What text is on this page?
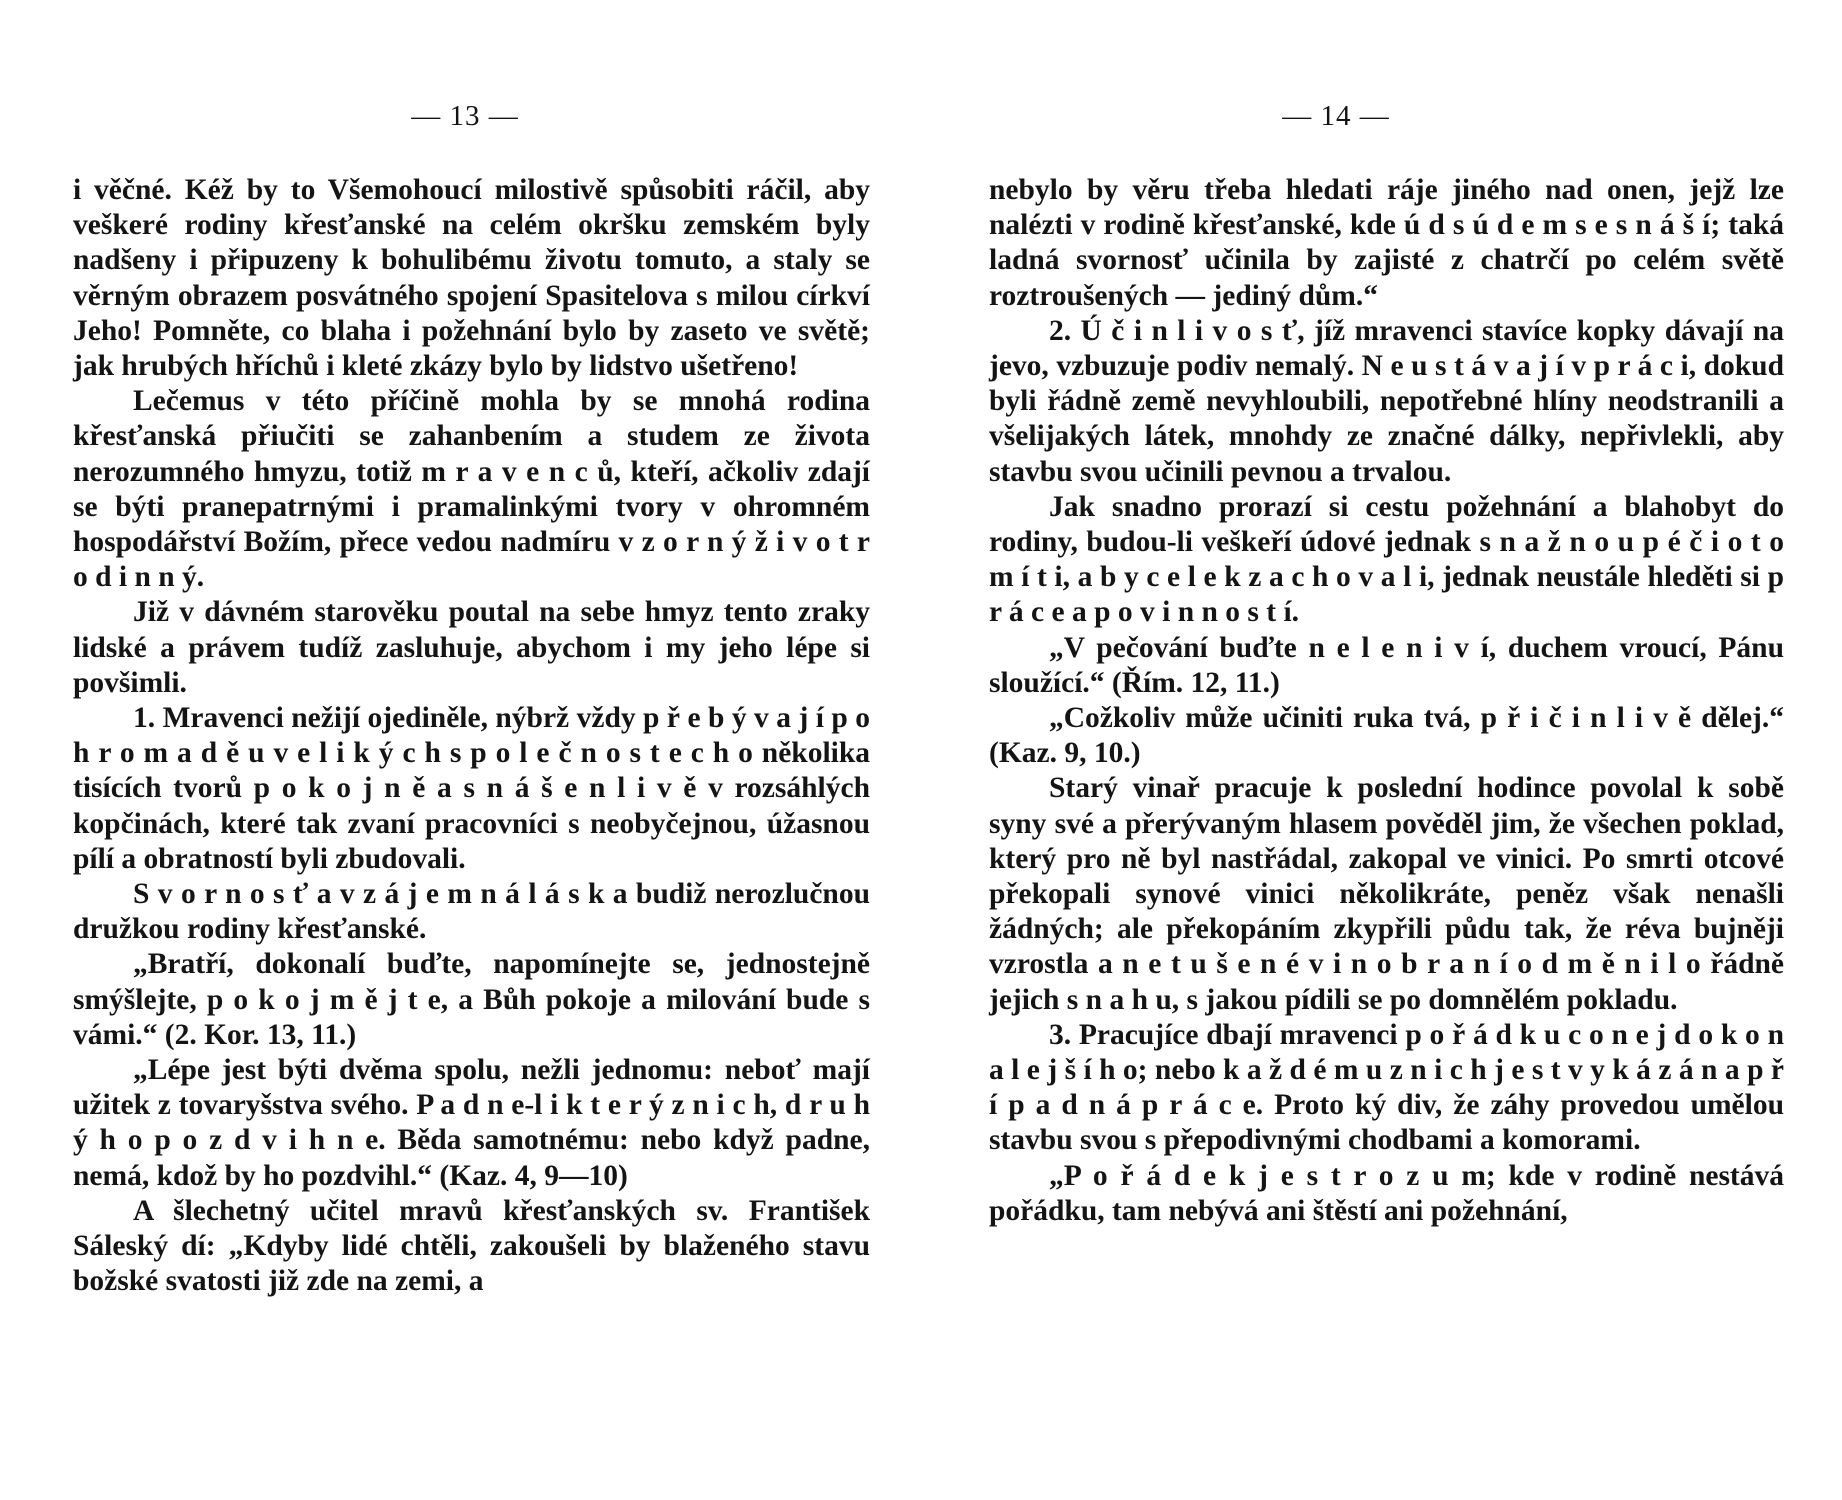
— 13 —

i věčné. Kéž by to Všemohoucí milostivě spůsobiti ráčil, aby veškeré rodiny křesťanské na celém okršku zemském byly nadšeny i připuzeny k bohulibému životu tomuto, a staly se věrným obrazem posvátného spojení Spasitelova s milou církví Jeho! Pomněte, co blaha i požehnání bylo by zaseto ve světě; jak hrubých hříchů i kleté zkázy bylo by lidstvo ušetřeno!

Lečemus v této příčině mohla by se mnohá rodina křesťanská přiučiti se zahanbením a studem ze života nerozumného hmyzu, totiž m r a v e n c ů, kteří, ačkoliv zdají se býti pranepatrnými i pramalinkými tvory v ohromném hospodářství Božím, přece vedou nadmíru v z o r n ý ž i v o t r o d i n n ý.

Již v dávném starověku poutal na sebe hmyz tento zraky lidské a právem tudíž zasluhuje, abychom i my jeho lépe si povšimli.

1. Mravenci nežijí ojediněle, nýbrž vždy p ř e b ý v a j í p o h r o m a d ě u v e l i k ý c h s p o l e č n o s t e c h o několika tisících tvorů p o k o j n ě a s n á š e n l i v ě v rozsáhlých kopčinách, které tak zvaní pracovníci s neobyčejnou, úžasnou pílí a obratností byli zbudovali.

S v o r n o s ť a v z á j e m n á l á s k a budiž nerozlučnou družkou rodiny křesťanské.

„Bratří, dokonalí buďte, napomínejte se, jednostejně smýšlejte, p o k o j m ě j t e, a Bůh pokoje a milování bude s vámi.“ (2. Kor. 13, 11.)

„Lépe jest býti dvěma spolu, nežli jednomu: neboť mají užitek z tovaryšstva svého. P a d n e-l i k t e r ý z n i c h, d r u h ý h o p o z d v i h n e. Běda samotnému: nebo když padne, nemá, kdož by ho pozdvihl.“ (Kaz. 4, 9—10)

A šlechetný učitel mravů křesťanských sv. František Sáleský dí: „Kdyby lidé chtěli, zakoušeli by blaženého stavu božské svatosti již zde na zemi, a

— 14 —

nebylo by věru třeba hledati ráje jiného nad onen, jejž lze nalézti v rodině křesťanské, kde ú d s ú d e m s e s n á š í; taká ladná svornosť učinila by zajisté z chatrčí po celém světě roztroušených — jediný dům.“

2. Ú č i n l i v o s ť, jíž mravenci stavíce kopky dávají na jevo, vzbuzuje podiv nemalý. N e u s t á v a j í v p r á c i, dokud byli řádně země nevyhloubili, nepotřebné hlíny neodstranili a všelijakých látek, mnohdy ze značné dálky, nepřivlekli, aby stavbu svou učinili pevnou a trvalou.

Jak snadno prorazí si cestu požehnání a blahobyt do rodiny, budou-li veškeří údové jednak s n a ž n o u p é č i o t o m í t i, a b y c e l e k z a c h o v a l i, jednak neustále hleděti si p r á c e a p o v i n n o s t í.

„V pečování buďte n e l e n i v í, duchem vroucí, Pánu sloužící.“ (Řím. 12, 11.)

„Cožkoliv může učiniti ruka tvá, p ř i č i n l i v ě dělej.“ (Kaz. 9, 10.)

Starý vinař pracuje k poslední hodince povolal k sobě syny své a přerývaným hlasem pověděl jim, že všechen poklad, který pro ně byl nastřádal, zakopal ve vinici. Po smrti otcové překopali synové vinici několikráte, peněz však nenašli žádných; ale překopáním zkypřili půdu tak, že réva bujněji vzrostla a n e t u š e n é v i n o b r a n í o d m ě n i l o řádně jejich s n a h u, s jakou pídili se po domnělém pokladu.

3. Pracujíce dbají mravenci p o ř á d k u c o n e j d o k o n a l e j š í h o; nebo k a ž d é m u z n i c h j e s t v y k á z á n a p ř í p a d n á p r á c e. Proto ký div, že záhy provedou umělou stavbu svou s přepodivnými chodbami a komorami.

„P o ř á d e k j e s t r o z u m; kde v rodině nestává pořádku, tam nebývá ani štěstí ani požehnání,
